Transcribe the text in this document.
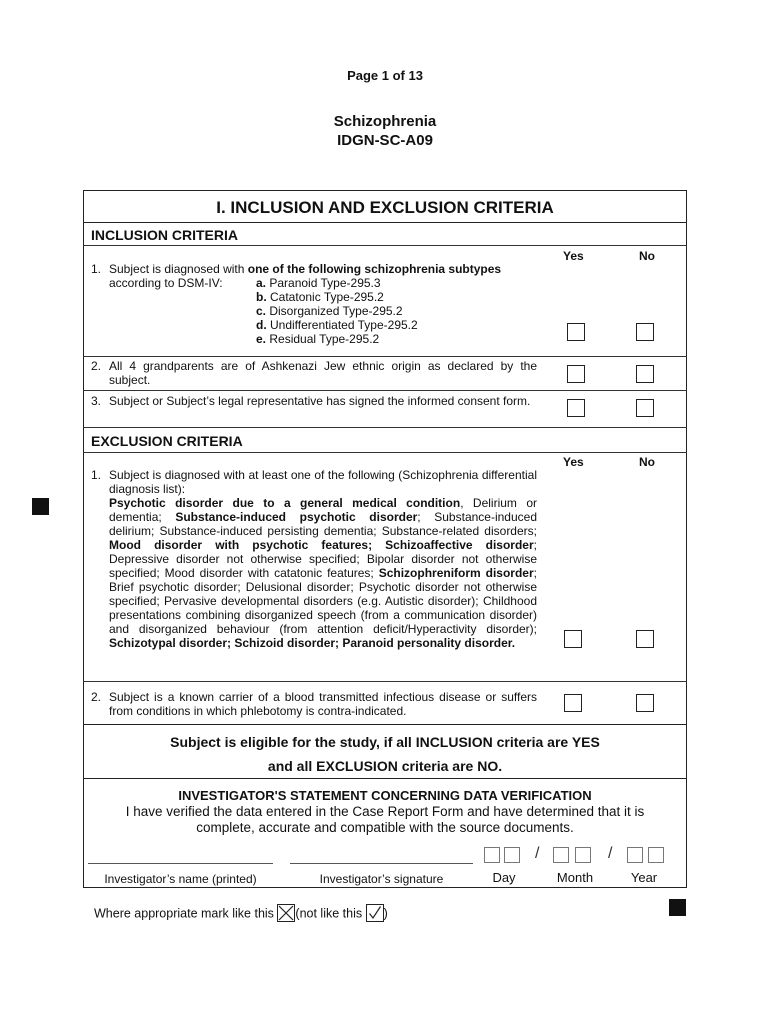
Page 1 of 13
Schizophrenia
IDGN-SC-A09
I. INCLUSION AND EXCLUSION CRITERIA
INCLUSION CRITERIA
Yes	No
1. Subject is diagnosed with one of the following schizophrenia subtypes
according to DSM-IV:	a. Paranoid Type-295.3
	b. Catatonic Type-295.2
	c. Disorganized Type-295.2
	d. Undifferentiated Type-295.2
	e. Residual Type-295.2
2. All 4 grandparents are of Ashkenazi Jew ethnic origin as declared by the subject.
3. Subject or Subject’s legal representative has signed the informed consent form.
EXCLUSION CRITERIA
Yes	No
1. Subject is diagnosed with at least one of the following (Schizophrenia differential diagnosis list):
Psychotic disorder due to a general medical condition, Delirium or dementia; Substance-induced psychotic disorder; Substance-induced delirium; Substance-induced persisting dementia; Substance-related disorders; Mood disorder with psychotic features; Schizoaffective disorder; Depressive disorder not otherwise specified; Bipolar disorder not otherwise specified; Mood disorder with catatonic features; Schizophreniform disorder; Brief psychotic disorder; Delusional disorder; Psychotic disorder not otherwise specified; Pervasive developmental disorders (e.g. Autistic disorder); Childhood presentations combining disorganized speech (from a communication disorder) and disorganized behaviour (from attention deficit/Hyperactivity disorder); Schizotypal disorder; Schizoid disorder; Paranoid personality disorder.
2. Subject is a known carrier of a blood transmitted infectious disease or suffers from conditions in which phlebotomy is contra-indicated.
Subject is eligible for the study, if all INCLUSION criteria are YES
and all EXCLUSION criteria are NO.
INVESTIGATOR'S STATEMENT CONCERNING DATA VERIFICATION
I have verified the data entered in the Case Report Form and have determined that it is
complete, accurate and compatible with the source documents.
Investigator’s name (printed)	Investigator’s signature
/	/
Day	Month	Year
Where appropriate mark like this (not like this )
